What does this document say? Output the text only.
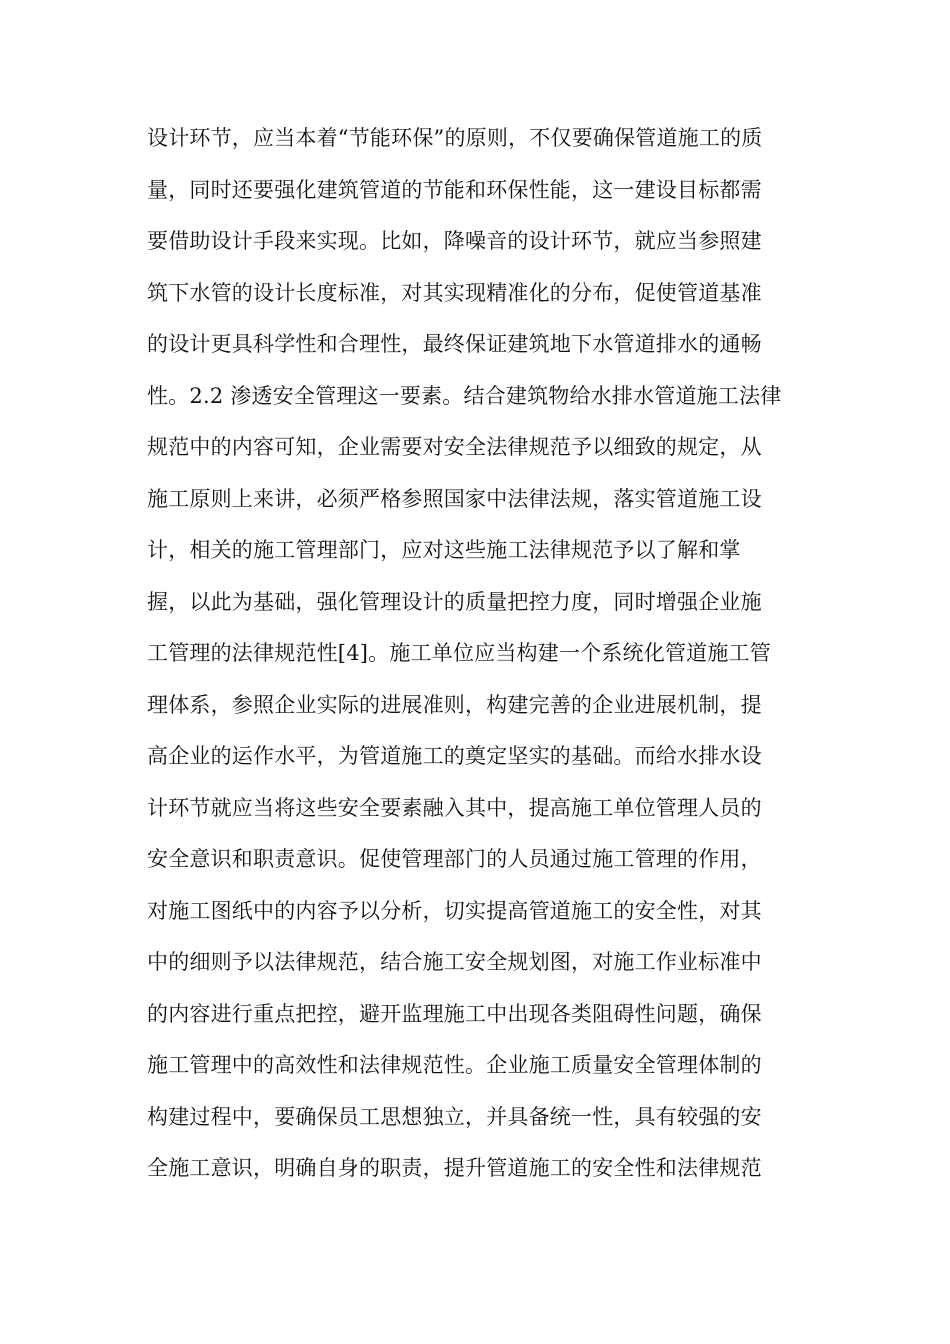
设计环节，应当本着“节能环保”的原则，不仅要确保管道施工的质
量，同时还要强化建筑管道的节能和环保性能，这一建设目标都需
要借助设计手段来实现。比如，降噪音的设计环节，就应当参照建
筑下水管的设计长度标准，对其实现精准化的分布，促使管道基准
的设计更具科学性和合理性，最终保证建筑地下水管道排水的通畅
性。2.2 渗透安全管理这一要素。结合建筑物给水排水管道施工法律
规范中的内容可知，企业需要对安全法律规范予以细致的规定，从
施工原则上来讲，必须严格参照国家中法律法规，落实管道施工设
计，相关的施工管理部门，应对这些施工法律规范予以了解和掌
握，以此为基础，强化管理设计的质量把控力度，同时增强企业施
工管理的法律规范性[4]。施工单位应当构建一个系统化管道施工管
理体系，参照企业实际的进展准则，构建完善的企业进展机制，提
高企业的运作水平，为管道施工的奠定坚实的基础。而给水排水设
计环节就应当将这些安全要素融入其中，提高施工单位管理人员的
安全意识和职责意识。促使管理部门的人员通过施工管理的作用，
对施工图纸中的内容予以分析，切实提高管道施工的安全性，对其
中的细则予以法律规范，结合施工安全规划图，对施工作业标准中
的内容进行重点把控，避开监理施工中出现各类阻碍性问题，确保
施工管理中的高效性和法律规范性。企业施工质量安全管理体制的
构建过程中，要确保员工思想独立，并具备统一性，具有较强的安
全施工意识，明确自身的职责，提升管道施工的安全性和法律规范
